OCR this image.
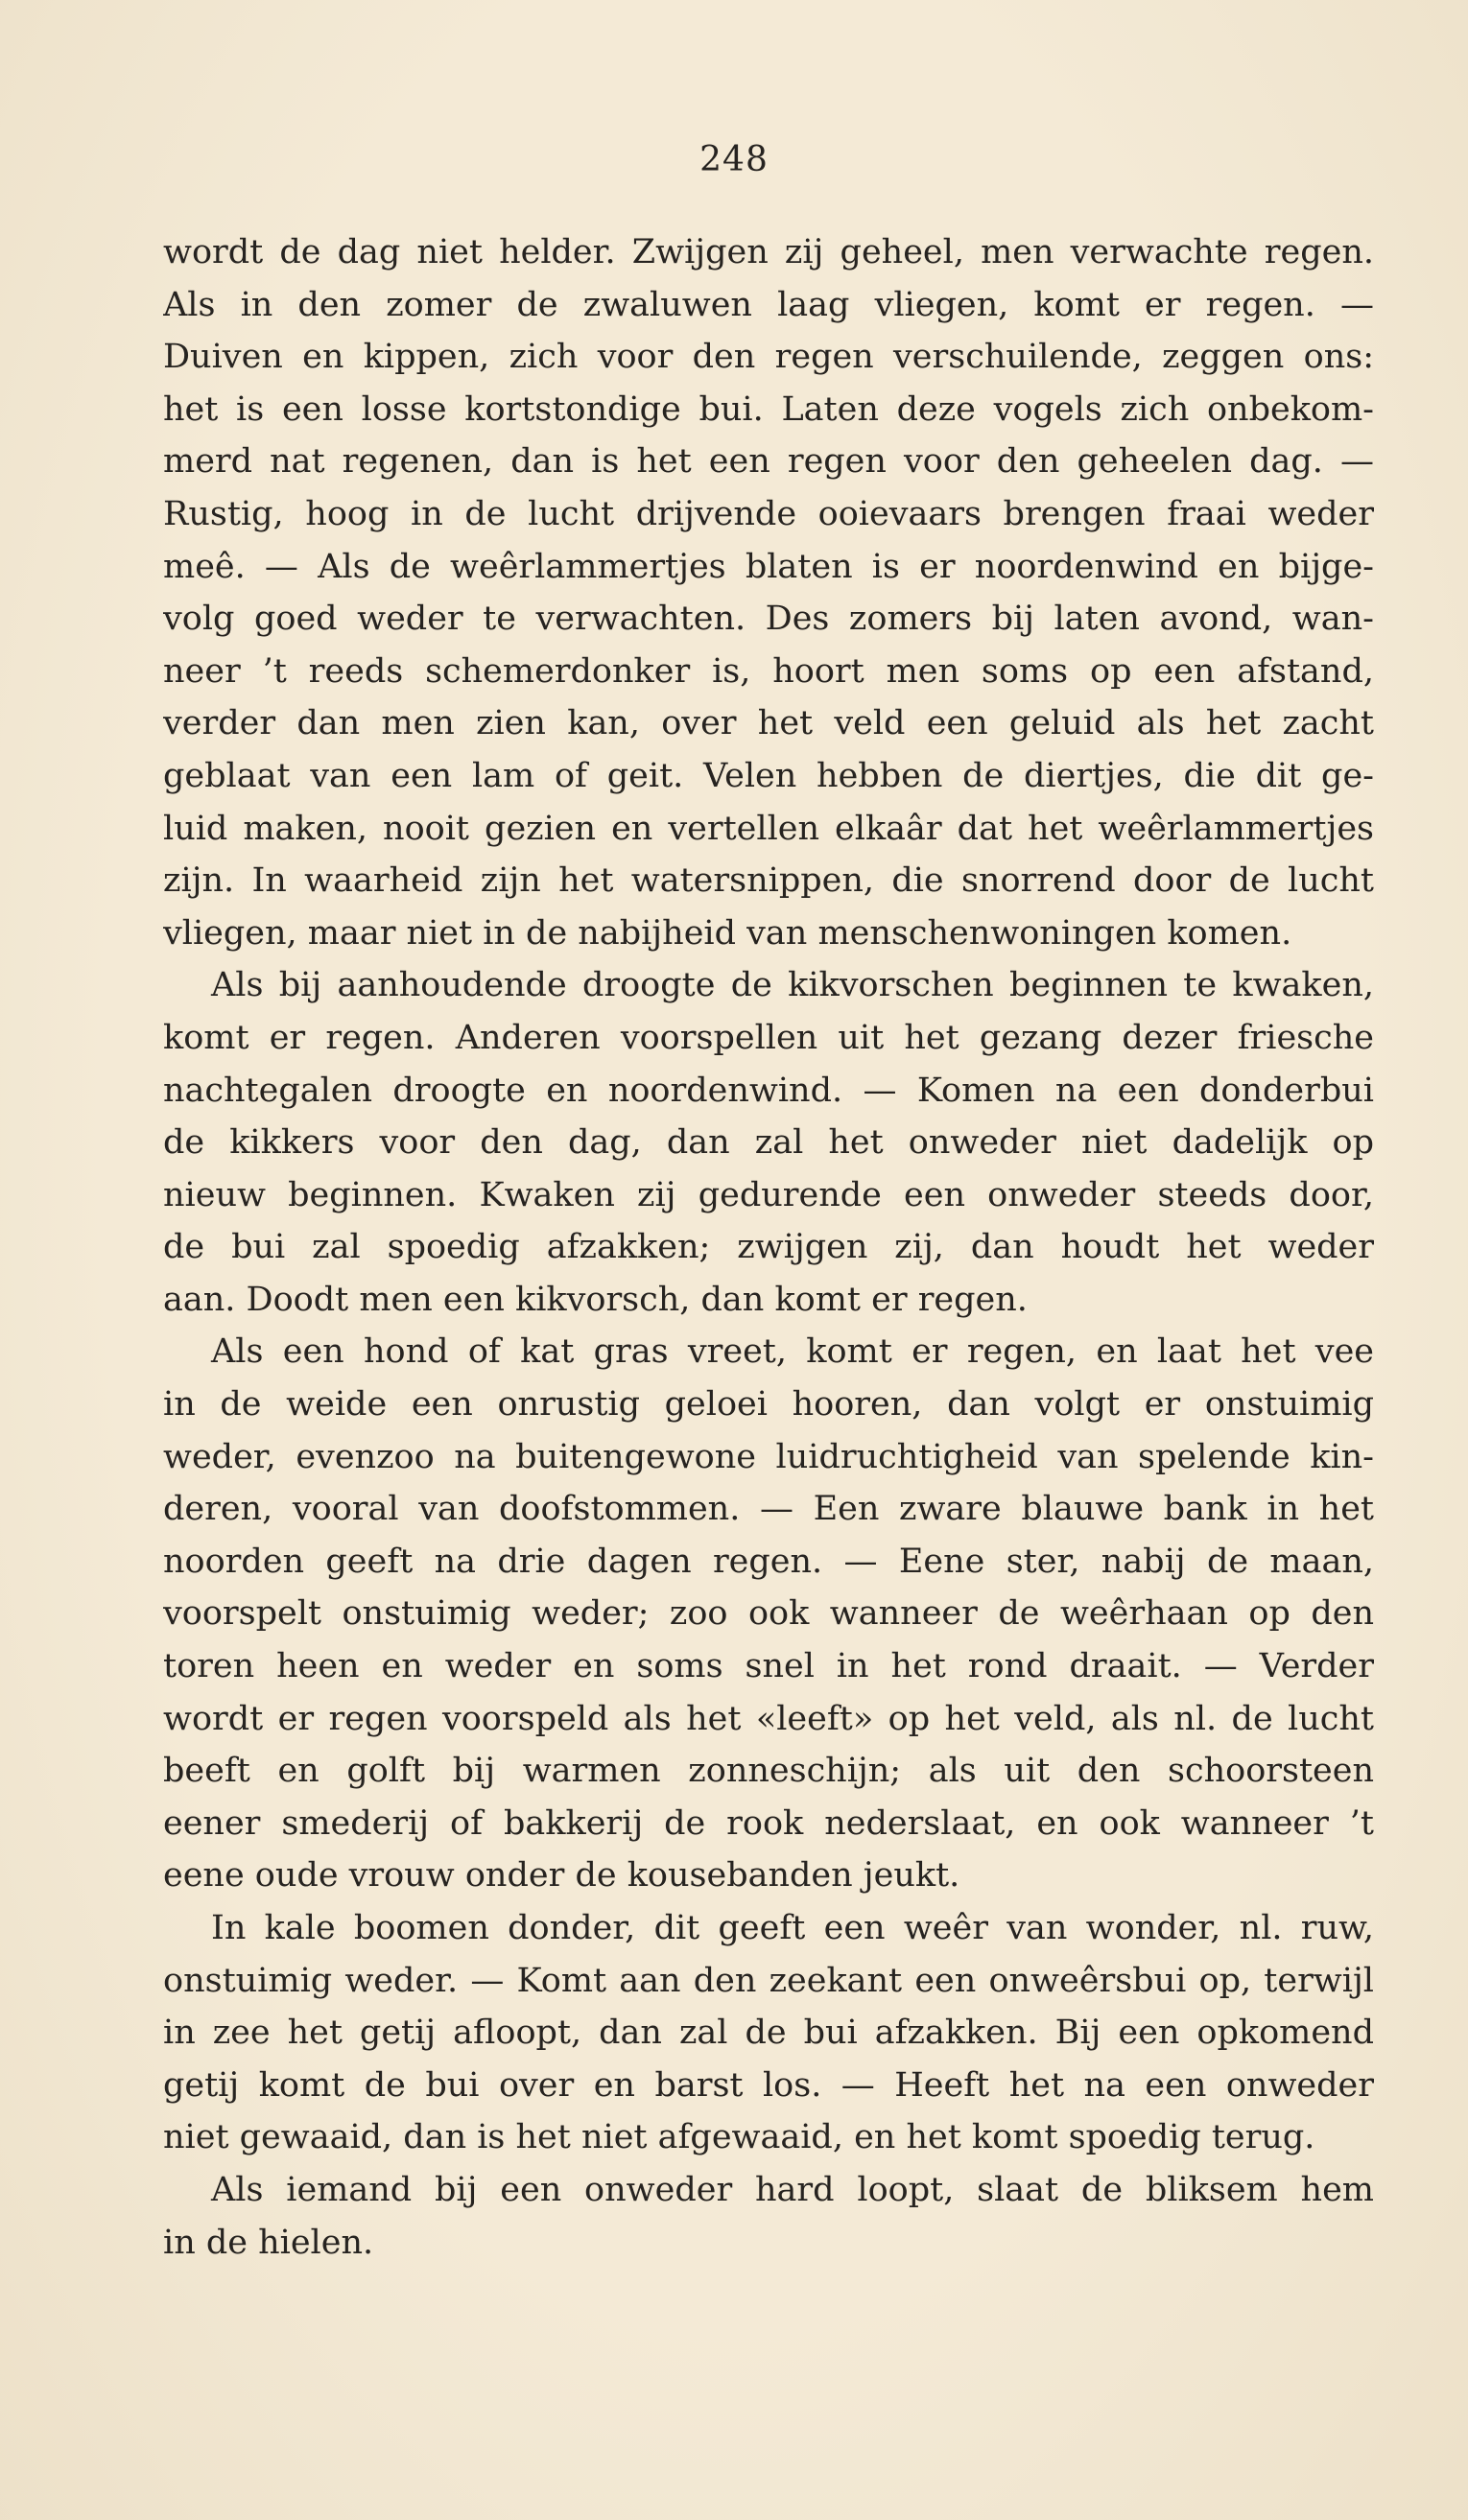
248
wordt de dag niet helder. Zwijgen zij geheel, men verwachte regen.
Als in den zomer de zwaluwen laag vliegen, komt er regen. —
Duiven en kippen, zich voor den regen verschuilende, zeggen ons:
het is een losse kortstondige bui. Laten deze vogels zich onbekom-
merd nat regenen, dan is het een regen voor den geheelen dag. —
Rustig, hoog in de lucht drijvende ooievaars brengen fraai weder
meê. — Als de weêrlammertjes blaten is er noordenwind en bijge-
volg goed weder te verwachten. Des zomers bij laten avond, wan-
neer ’t reeds schemerdonker is, hoort men soms op een afstand,
verder dan men zien kan, over het veld een geluid als het zacht
geblaat van een lam of geit. Velen hebben de diertjes, die dit ge-
luid maken, nooit gezien en vertellen elkaâr dat het weêrlammertjes
zijn. In waarheid zijn het watersnippen, die snorrend door de lucht
vliegen, maar niet in de nabijheid van menschenwoningen komen.
Als bij aanhoudende droogte de kikvorschen beginnen te kwaken,
komt er regen. Anderen voorspellen uit het gezang dezer friesche
nachtegalen droogte en noordenwind. — Komen na een donderbui
de kikkers voor den dag, dan zal het onweder niet dadelijk op
nieuw beginnen. Kwaken zij gedurende een onweder steeds door,
de bui zal spoedig afzakken; zwijgen zij, dan houdt het weder
aan. Doodt men een kikvorsch, dan komt er regen.
Als een hond of kat gras vreet, komt er regen, en laat het vee
in de weide een onrustig geloei hooren, dan volgt er onstuimig
weder, evenzoo na buitengewone luidruchtigheid van spelende kin-
deren, vooral van doofstommen. — Een zware blauwe bank in het
noorden geeft na drie dagen regen. — Eene ster, nabij de maan,
voorspelt onstuimig weder; zoo ook wanneer de weêrhaan op den
toren heen en weder en soms snel in het rond draait. — Verder
wordt er regen voorspeld als het «leeft» op het veld, als nl. de lucht
beeft en golft bij warmen zonneschijn; als uit den schoorsteen
eener smederij of bakkerij de rook nederslaat, en ook wanneer ’t
eene oude vrouw onder de kousebanden jeukt.
In kale boomen donder, dit geeft een weêr van wonder, nl. ruw,
onstuimig weder. — Komt aan den zeekant een onweêrsbui op, terwijl
in zee het getij afloopt, dan zal de bui afzakken. Bij een opkomend
getij komt de bui over en barst los. — Heeft het na een onweder
niet gewaaid, dan is het niet afgewaaid, en het komt spoedig terug.
Als iemand bij een onweder hard loopt, slaat de bliksem hem
in de hielen.
